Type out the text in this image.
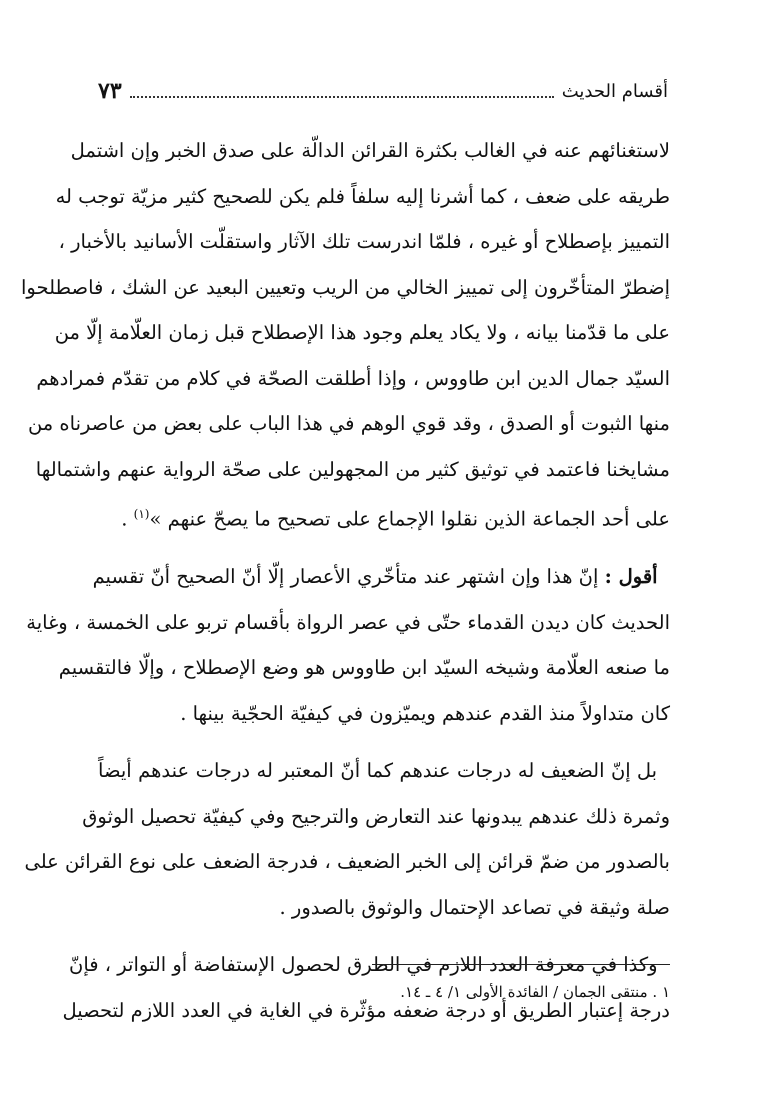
أقسام الحديث
٧٣

لاستغنائهم عنه في الغالب بكثرة القرائن الدالّة على صدق الخبر وإن اشتمل
طريقه على ضعف ، كما أشرنا إليه سلفاً فلم يكن للصحيح كثير مزيّة توجب له
التمييز بإصطلاح أو غيره ، فلمّا اندرست تلك الآثار واستقلّت الأسانيد بالأخبار ،
إضطرّ المتأخّرون إلى تمييز الخالي من الريب وتعيين البعيد عن الشك ، فاصطلحوا
على ما قدّمنا بيانه ، ولا يكاد يعلم وجود هذا الإصطلاح قبل زمان العلّامة إلّا من
السيّد جمال الدين ابن طاووس ، وإذا أطلقت الصحّة في كلام من تقدّم فمرادهم
منها الثبوت أو الصدق ، وقد قوي الوهم في هذا الباب على بعض من عاصرناه من
مشايخنا فاعتمد في توثيق كثير من المجهولين على صحّة الرواية عنهم واشتمالها
على أحد الجماعة الذين نقلوا الإجماع على تصحيح ما يصحّ عنهم »$^{(١)}$ .

​  أقول : إنّ هذا وإن اشتهر عند متأخّري الأعصار إلّا أنّ الصحيح أنّ تقسيم
الحديث كان ديدن القدماء حتّى في عصر الرواة بأقسام تربو على الخمسة ، وغاية
ما صنعه العلّامة وشيخه السيّد ابن طاووس هو وضع الإصطلاح ، وإلّا فالتقسيم
كان متداولاً منذ القدم عندهم ويميّزون في كيفيّة الحجّية بينها .

بل إنّ الضعيف له درجات عندهم كما أنّ المعتبر له درجات عندهم أيضاً
وثمرة ذلك عندهم يبدونها عند التعارض والترجيح وفي كيفيّة تحصيل الوثوق
بالصدور من ضمّ قرائن إلى الخبر الضعيف ، فدرجة الضعف على نوع القرائن على
صلة وثيقة في تصاعد الإحتمال والوثوق بالصدور .

وكذا في معرفة العدد اللازم في الطرق لحصول الإستفاضة أو التواتر ، فإنّ
درجة إعتبار الطريق أو درجة ضعفه مؤثّرة في الغاية في العدد اللازم لتحصيل

١ . منتقى الجمان / الفائدة الأولى ١/ ٤ ـ ١٤.
